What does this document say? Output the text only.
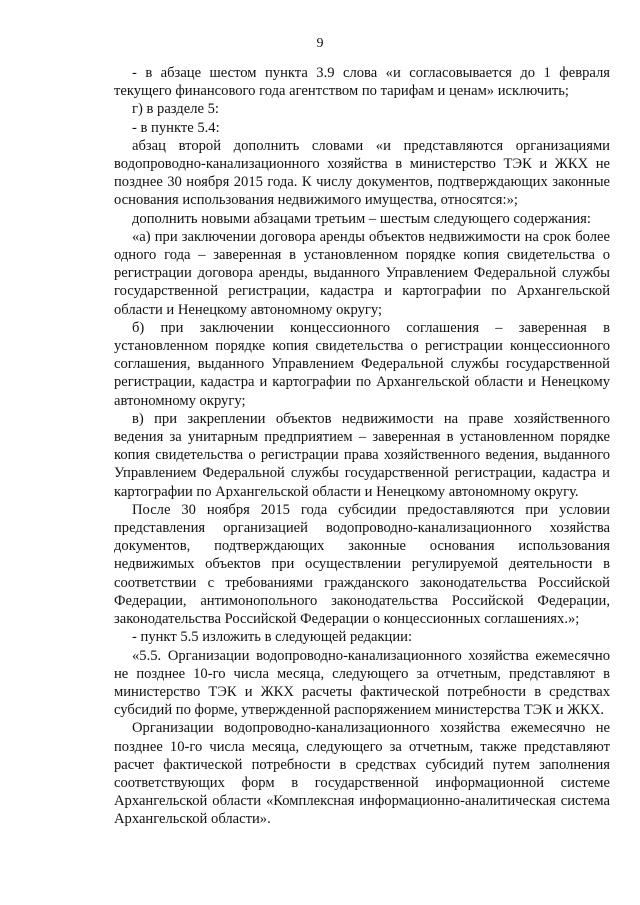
9

- в абзаце шестом пункта 3.9 слова «и согласовывается до 1 февраля текущего финансового года агентством по тарифам и ценам» исключить;

г) в разделе 5:

- в пункте 5.4:

абзац второй дополнить словами «и представляются организациями водопроводно-канализационного хозяйства в министерство ТЭК и ЖКХ не позднее 30 ноября 2015 года. К числу документов, подтверждающих законные основания использования недвижимого имущества, относятся:»;

дополнить новыми абзацами третьим – шестым следующего содержания:

«а) при заключении договора аренды объектов недвижимости на срок более одного года – заверенная в установленном порядке копия свидетельства о регистрации договора аренды, выданного Управлением Федеральной службы государственной регистрации, кадастра и картографии по Архангельской области и Ненецкому автономному округу;

б) при заключении концессионного соглашения – заверенная в установленном порядке копия свидетельства о регистрации концессионного соглашения, выданного Управлением Федеральной службы государственной регистрации, кадастра и картографии по Архангельской области и Ненецкому автономному округу;

в) при закреплении объектов недвижимости на праве хозяйственного ведения за унитарным предприятием – заверенная в установленном порядке копия свидетельства о регистрации права хозяйственного ведения, выданного Управлением Федеральной службы государственной регистрации, кадастра и картографии по Архангельской области и Ненецкому автономному округу.

После 30 ноября 2015 года субсидии предоставляются при условии представления организацией водопроводно-канализационного хозяйства документов, подтверждающих законные основания использования недвижимых объектов при осуществлении регулируемой деятельности в соответствии с требованиями гражданского законодательства Российской Федерации, антимонопольного законодательства Российской Федерации, законодательства Российской Федерации о концессионных соглашениях.»;

- пункт 5.5 изложить в следующей редакции:

«5.5. Организации водопроводно-канализационного хозяйства ежемесячно не позднее 10-го числа месяца, следующего за отчетным, представляют в министерство ТЭК и ЖКХ расчеты фактической потребности в средствах субсидий по форме, утвержденной распоряжением министерства ТЭК и ЖКХ.

Организации водопроводно-канализационного хозяйства ежемесячно не позднее 10-го числа месяца, следующего за отчетным, также представляют расчет фактической потребности в средствах субсидий путем заполнения соответствующих форм в государственной информационной системе Архангельской области «Комплексная информационно-аналитическая система Архангельской области».
